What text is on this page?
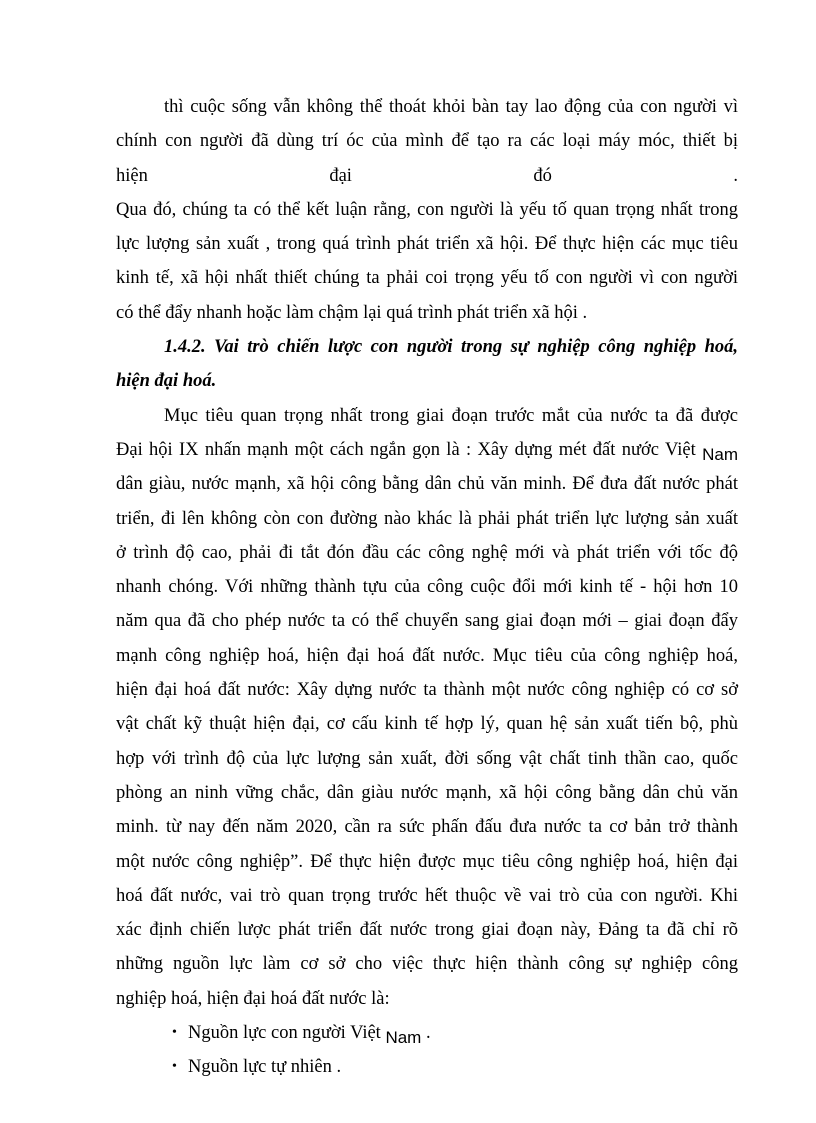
thì cuộc sống vẫn không thể thoát khỏi bàn tay lao động của con người vì
chính con người đã dùng trí óc của mình để tạo ra các loại máy móc, thiết bị
hiện đại đó .
Qua đó, chúng ta có thể kết luận rằng, con người là yếu tố quan trọng nhất trong
lực lượng sản xuất , trong quá trình phát triển xã hội. Để thực hiện các mục tiêu
kinh tế, xã hội nhất thiết chúng ta phải coi trọng yếu tố con người vì con người
có thể đẩy nhanh hoặc làm chậm lại quá trình phát triển xã hội .
1.4.2. Vai trò chiến lược con người trong sự nghiệp công nghiệp hoá,
hiện đại hoá.
Mục tiêu quan trọng nhất trong giai đoạn trước mắt của nước ta đã được
Đại hội IX nhấn mạnh một cách ngắn gọn là : Xây dựng mét đất nước Việt Nam
dân giàu, nước mạnh, xã hội công bằng dân chủ văn minh. Để đưa đất nước phát
triển, đi lên không còn con đường nào khác là phải phát triển lực lượng sản xuất
ở trình độ cao, phải đi tắt đón đầu các công nghệ mới và phát triển với tốc độ
nhanh chóng. Với những thành tựu của công cuộc đổi mới kinh tế - hội hơn 10
năm qua đã cho phép nước ta có thể chuyển sang giai đoạn mới – giai đoạn đẩy
mạnh công nghiệp hoá, hiện đại hoá đất nước. Mục tiêu của công nghiệp hoá,
hiện đại hoá đất nước: Xây dựng nước ta thành một nước công nghiệp có cơ sở
vật chất kỹ thuật hiện đại, cơ cấu kinh tế hợp lý, quan hệ sản xuất tiến bộ, phù
hợp với trình độ của lực lượng sản xuất, đời sống vật chất tinh thần cao, quốc
phòng an ninh vững chắc, dân giàu nước mạnh, xã hội công bằng dân chủ văn
minh. từ nay đến năm 2020, cần ra sức phấn đấu đưa nước ta cơ bản trở thành
một nước công nghiệp”. Để thực hiện được mục tiêu công nghiệp hoá, hiện đại
hoá đất nước, vai trò quan trọng trước hết thuộc về vai trò của con người. Khi
xác định chiến lược phát triển đất nước trong giai đoạn này, Đảng ta đã chỉ rõ
những nguồn lực làm cơ sở cho việc thực hiện thành công sự nghiệp công
nghiệp hoá, hiện đại hoá đất nước là:
• Nguồn lực con người Việt Nam .
• Nguồn lực tự nhiên .
